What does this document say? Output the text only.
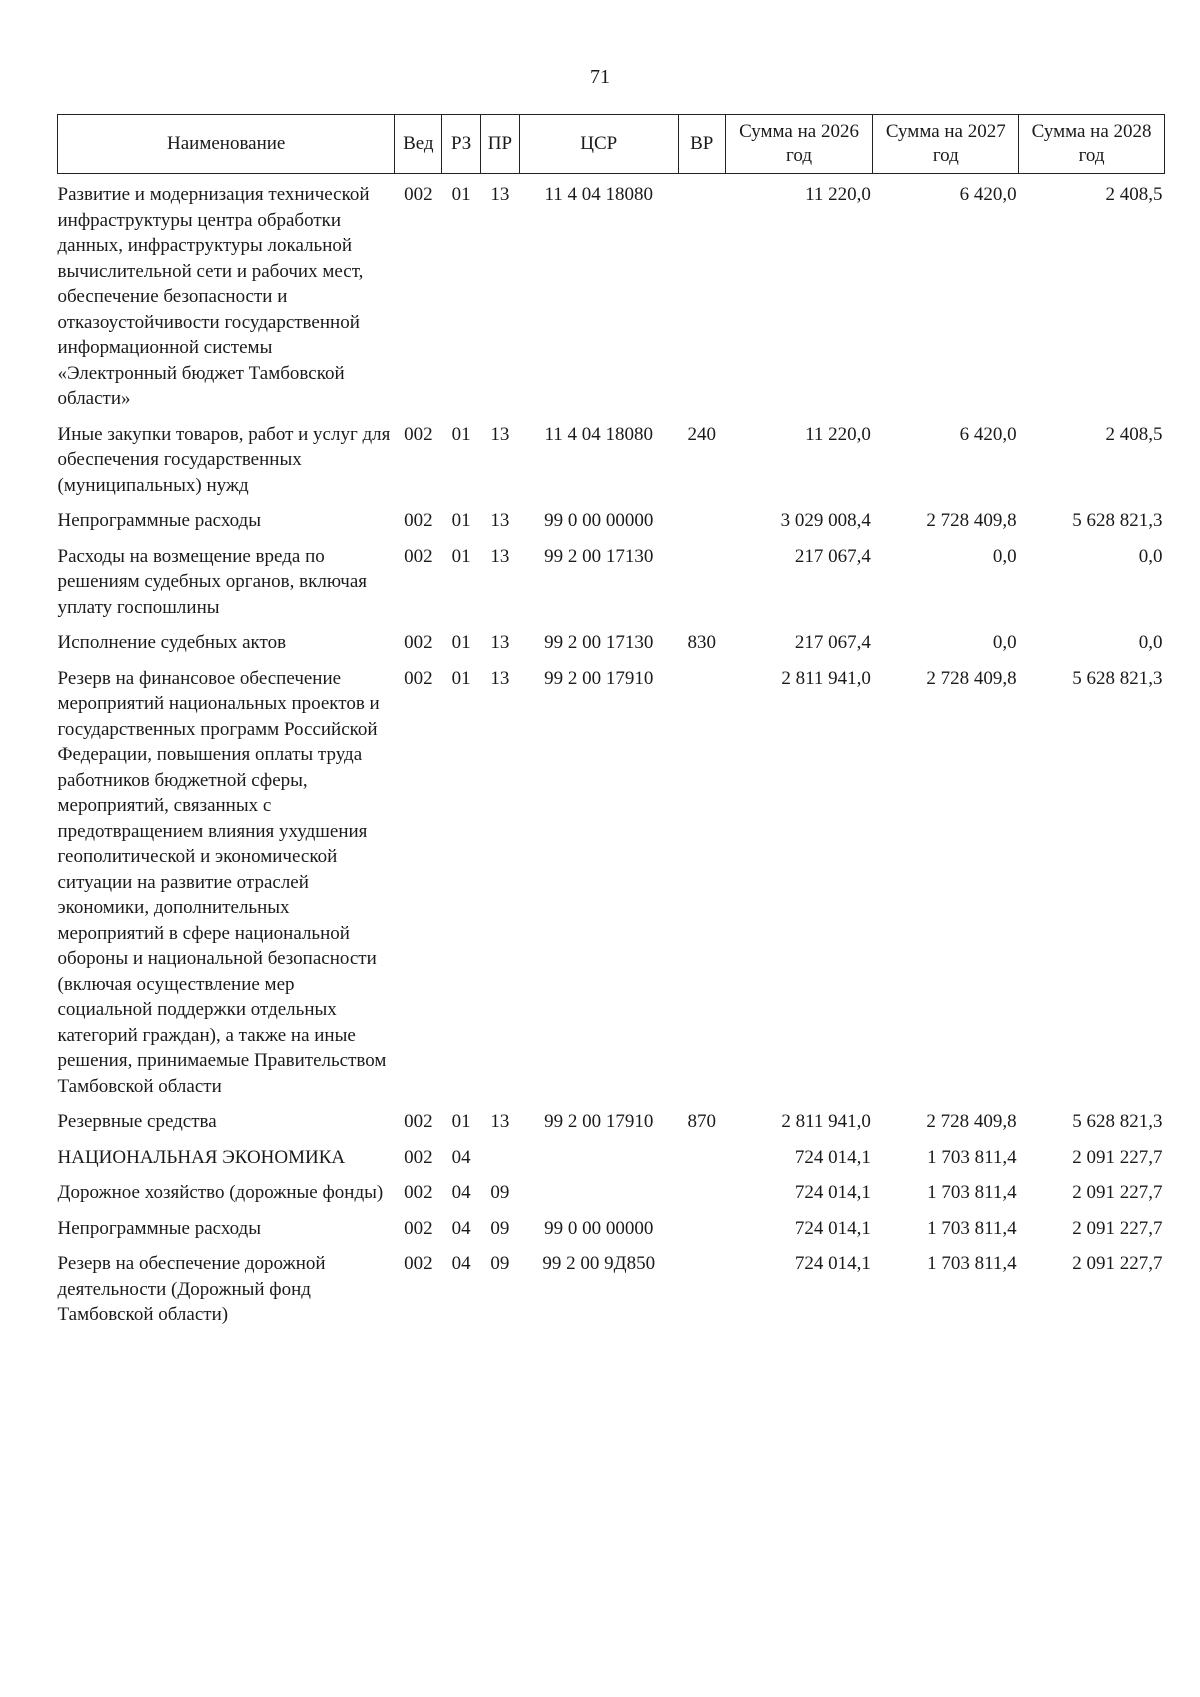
71
Наименование	Вед	РЗ	ПР	ЦСР	ВР	Сумма на 2026 год	Сумма на 2027 год	Сумма на 2028 год
Развитие и модернизация технической инфраструктуры центра обработки данных, инфраструктуры локальной вычислительной сети и рабочих мест, обеспечение безопасности и отказоустойчивости государственной информационной системы «Электронный бюджет Тамбовской области»	002	01	13	11 4 04 18080		11 220,0	6 420,0	2 408,5
Иные закупки товаров, работ и услуг для обеспечения государственных (муниципальных) нужд	002	01	13	11 4 04 18080	240	11 220,0	6 420,0	2 408,5
Непрограммные расходы	002	01	13	99 0 00 00000		3 029 008,4	2 728 409,8	5 628 821,3
Расходы на возмещение вреда по решениям судебных органов, включая уплату госпошлины	002	01	13	99 2 00 17130		217 067,4	0,0	0,0
Исполнение судебных актов	002	01	13	99 2 00 17130	830	217 067,4	0,0	0,0
Резерв на финансовое обеспечение мероприятий национальных проектов и государственных программ Российской Федерации, повышения оплаты труда работников бюджетной сферы, мероприятий, связанных с предотвращением влияния ухудшения геополитической и экономической ситуации на развитие отраслей экономики, дополнительных мероприятий в сфере национальной обороны и национальной безопасности (включая осуществление мер социальной поддержки отдельных категорий граждан), а также на иные решения, принимаемые Правительством Тамбовской области	002	01	13	99 2 00 17910		2 811 941,0	2 728 409,8	5 628 821,3
Резервные средства	002	01	13	99 2 00 17910	870	2 811 941,0	2 728 409,8	5 628 821,3
НАЦИОНАЛЬНАЯ ЭКОНОМИКА	002	04				724 014,1	1 703 811,4	2 091 227,7
Дорожное хозяйство (дорожные фонды)	002	04	09			724 014,1	1 703 811,4	2 091 227,7
Непрограммные расходы	002	04	09	99 0 00 00000		724 014,1	1 703 811,4	2 091 227,7
Резерв на обеспечение дорожной деятельности (Дорожный фонд Тамбовской области)	002	04	09	99 2 00 9Д850		724 014,1	1 703 811,4	2 091 227,7
